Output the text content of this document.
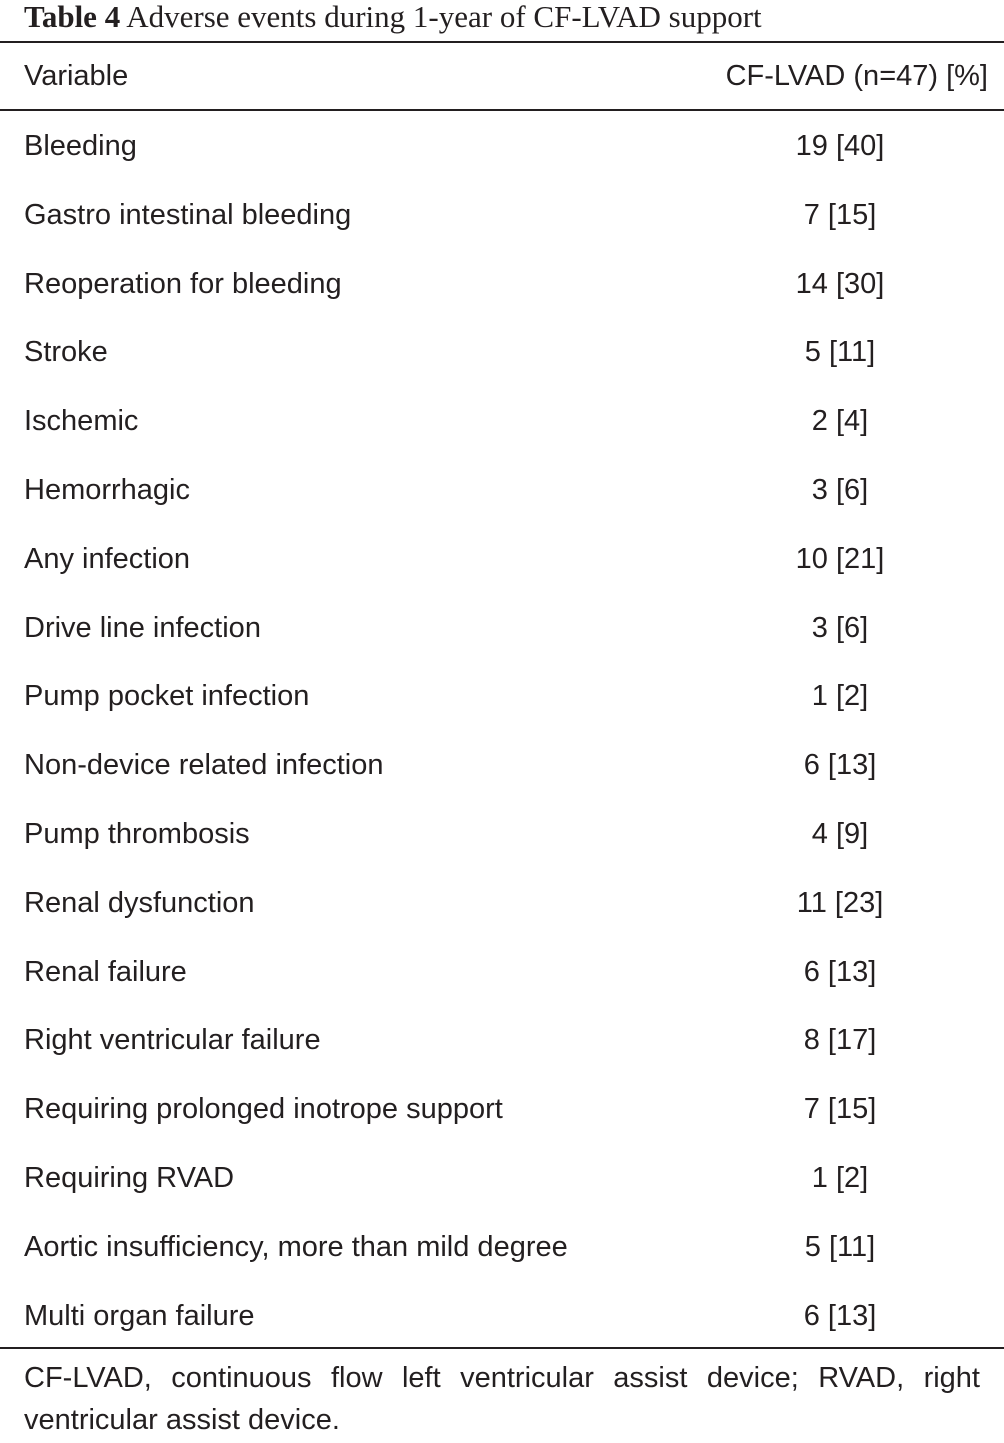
Table 4 Adverse events during 1-year of CF-LVAD support
Variable	CF-LVAD (n=47) [%]
Bleeding	19 [40]
Gastro intestinal bleeding	7 [15]
Reoperation for bleeding	14 [30]
Stroke	5 [11]
Ischemic	2 [4]
Hemorrhagic	3 [6]
Any infection	10 [21]
Drive line infection	3 [6]
Pump pocket infection	1 [2]
Non-device related infection	6 [13]
Pump thrombosis	4 [9]
Renal dysfunction	11 [23]
Renal failure	6 [13]
Right ventricular failure	8 [17]
Requiring prolonged inotrope support	7 [15]
Requiring RVAD	1 [2]
Aortic insufficiency, more than mild degree	5 [11]
Multi organ failure	6 [13]
CF-LVAD, continuous flow left ventricular assist device; RVAD, right ventricular assist device.
